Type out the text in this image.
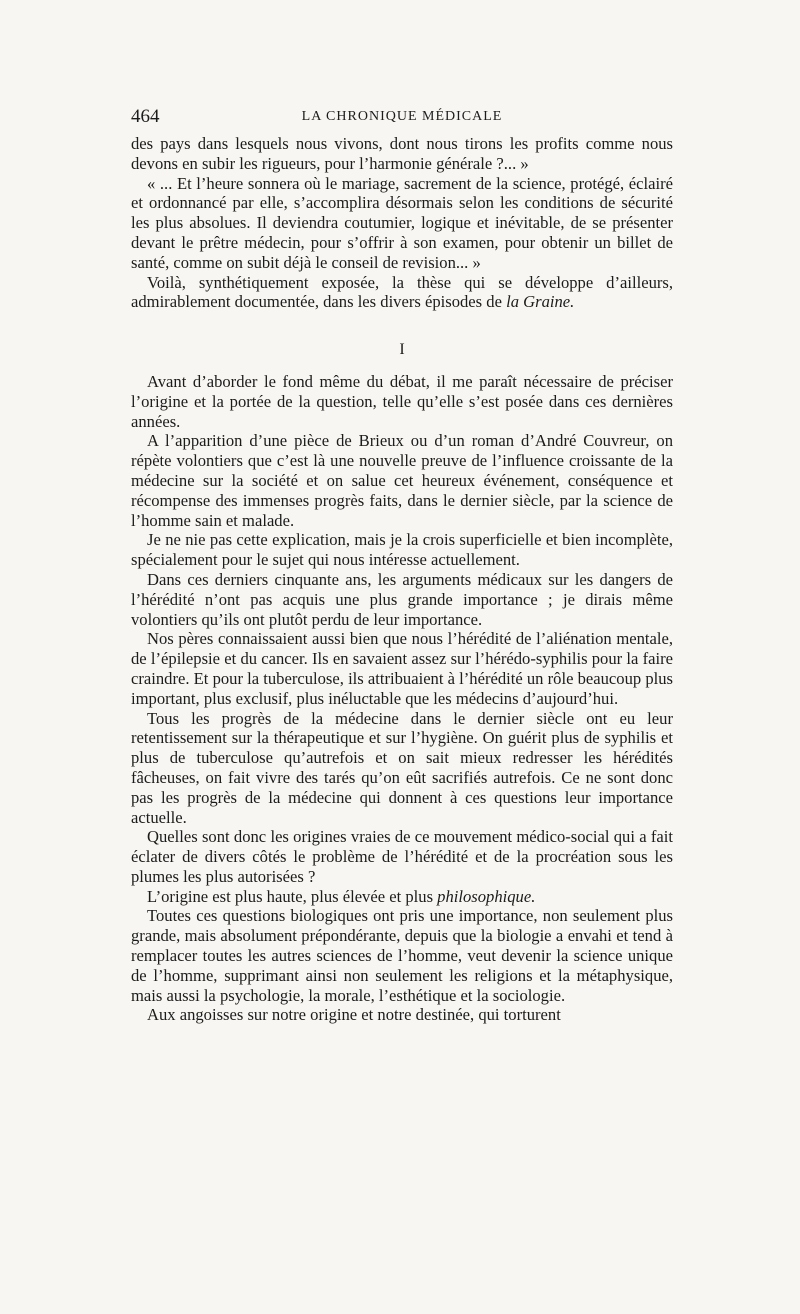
464	LA CHRONIQUE MÉDICALE

des pays dans lesquels nous vivons, dont nous tirons les profits comme nous devons en subir les rigueurs, pour l’harmonie générale ?... »

« ... Et l’heure sonnera où le mariage, sacrement de la science, protégé, éclairé et ordonnancé par elle, s’accomplira désormais selon les conditions de sécurité les plus absolues. Il deviendra coutumier, logique et inévitable, de se présenter devant le prêtre médecin, pour s’offrir à son examen, pour obtenir un billet de santé, comme on subit déjà le conseil de revision... »

Voilà, synthétiquement exposée, la thèse qui se développe d’ailleurs, admirablement documentée, dans les divers épisodes de la Graine.

I

Avant d’aborder le fond même du débat, il me paraît nécessaire de préciser l’origine et la portée de la question, telle qu’elle s’est posée dans ces dernières années.

A l’apparition d’une pièce de Brieux ou d’un roman d’André Couvreur, on répète volontiers que c’est là une nouvelle preuve de l’influence croissante de la médecine sur la société et on salue cet heureux événement, conséquence et récompense des immenses progrès faits, dans le dernier siècle, par la science de l’homme sain et malade.

Je ne nie pas cette explication, mais je la crois superficielle et bien incomplète, spécialement pour le sujet qui nous intéresse actuellement.

Dans ces derniers cinquante ans, les arguments médicaux sur les dangers de l’hérédité n’ont pas acquis une plus grande importance ; je dirais même volontiers qu’ils ont plutôt perdu de leur importance.

Nos pères connaissaient aussi bien que nous l’hérédité de l’aliénation mentale, de l’épilepsie et du cancer. Ils en savaient assez sur l’hérédo-syphilis pour la faire craindre. Et pour la tuberculose, ils attribuaient à l’hérédité un rôle beaucoup plus important, plus exclusif, plus inéluctable que les médecins d’aujourd’hui.

Tous les progrès de la médecine dans le dernier siècle ont eu leur retentissement sur la thérapeutique et sur l’hygiène. On guérit plus de syphilis et plus de tuberculose qu’autrefois et on sait mieux redresser les hérédités fâcheuses, on fait vivre des tarés qu’on eût sacrifiés autrefois. Ce ne sont donc pas les progrès de la médecine qui donnent à ces questions leur importance actuelle.

Quelles sont donc les origines vraies de ce mouvement médico-social qui a fait éclater de divers côtés le problème de l’hérédité et de la procréation sous les plumes les plus autorisées ?

L’origine est plus haute, plus élevée et plus philosophique.

Toutes ces questions biologiques ont pris une importance, non seulement plus grande, mais absolument prépondérante, depuis que la biologie a envahi et tend à remplacer toutes les autres sciences de l’homme, veut devenir la science unique de l’homme, supprimant ainsi non seulement les religions et la métaphysique, mais aussi la psychologie, la morale, l’esthétique et la sociologie.

Aux angoisses sur notre origine et notre destinée, qui torturent
